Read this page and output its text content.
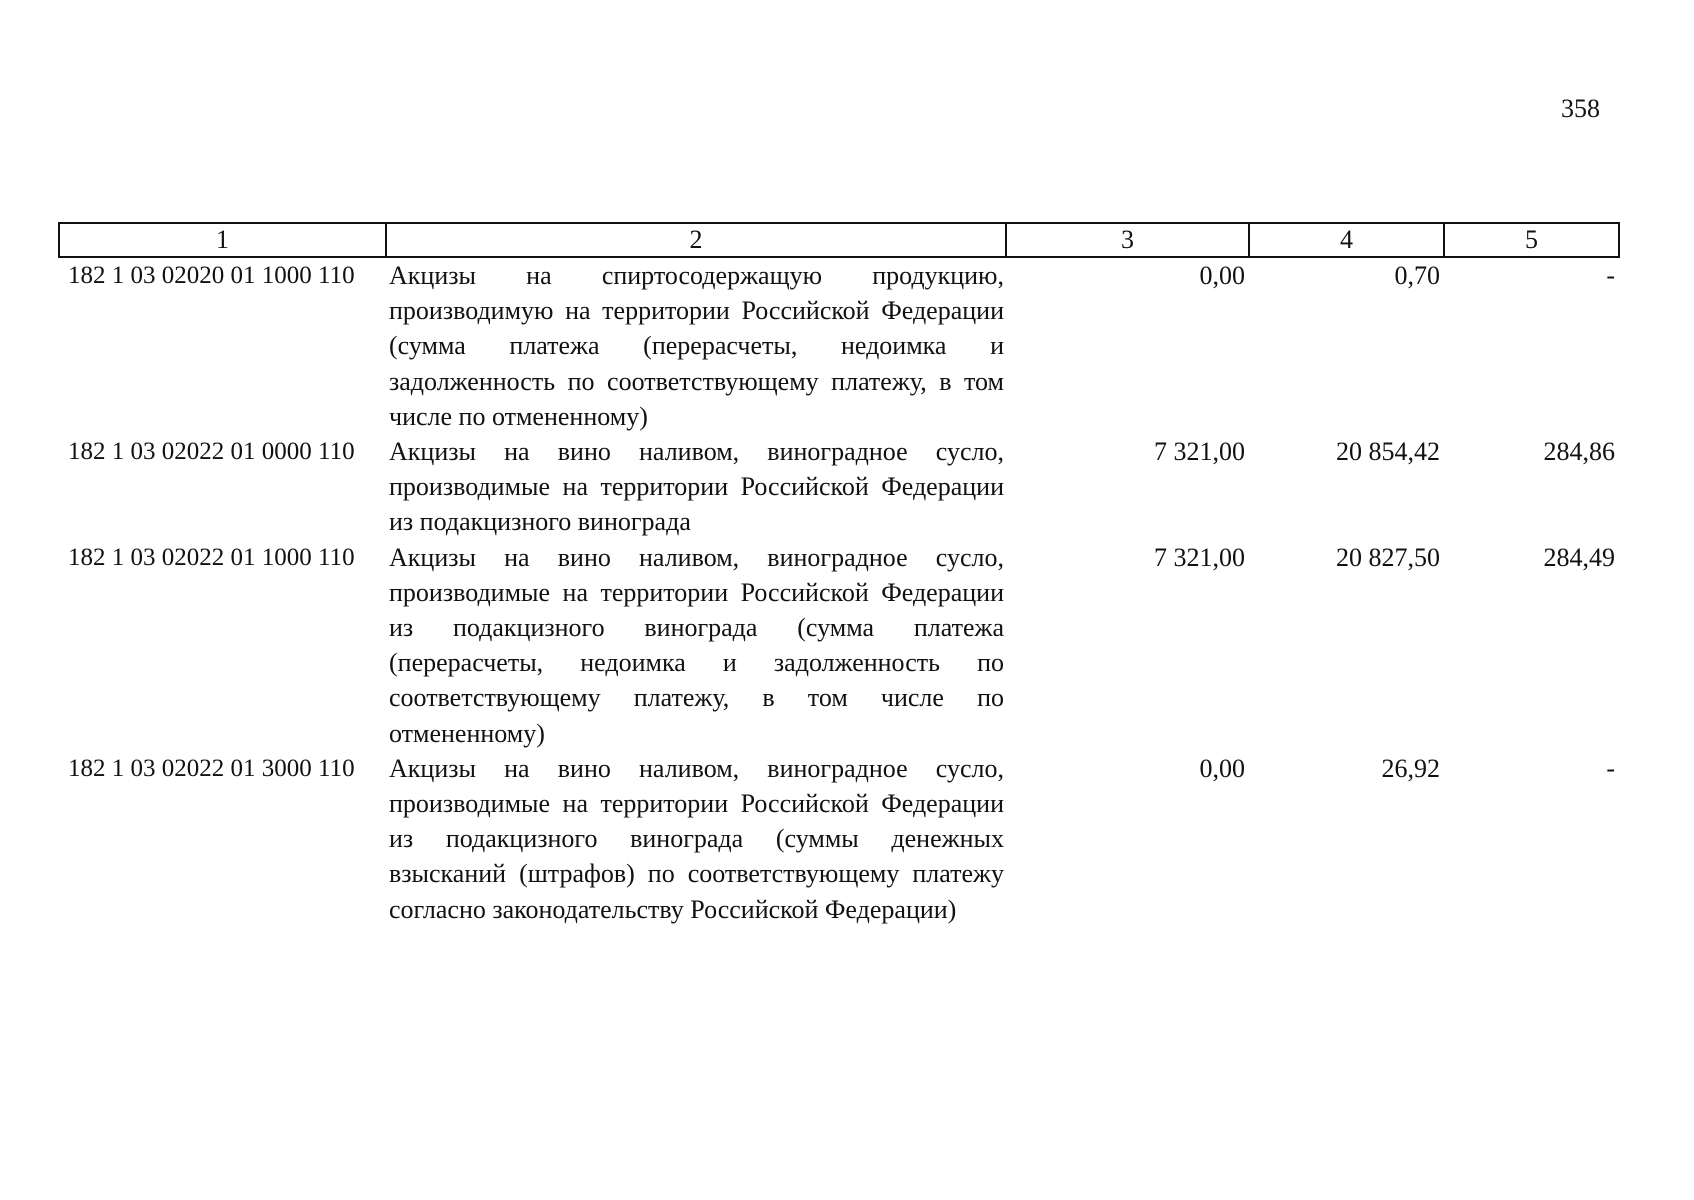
358
1	2	3	4	5
182 1 03 02020 01 1000 110	Акцизы на спиртосодержащую продукцию, производимую на территории Российской Федерации (сумма платежа (перерасчеты, недоимка и задолженность по соответствующему платежу, в том числе по отмененному)	0,00	0,70	-
182 1 03 02022 01 0000 110	Акцизы на вино наливом, виноградное сусло, производимые на территории Российской Федерации из подакцизного винограда	7 321,00	20 854,42	284,86
182 1 03 02022 01 1000 110	Акцизы на вино наливом, виноградное сусло, производимые на территории Российской Федерации из подакцизного винограда (сумма платежа (перерасчеты, недоимка и задолженность по соответствующему платежу, в том числе по отмененному)	7 321,00	20 827,50	284,49
182 1 03 02022 01 3000 110	Акцизы на вино наливом, виноградное сусло, производимые на территории Российской Федерации из подакцизного винограда (суммы денежных взысканий (штрафов) по соответствующему платежу согласно законодательству Российской Федерации)	0,00	26,92	-
